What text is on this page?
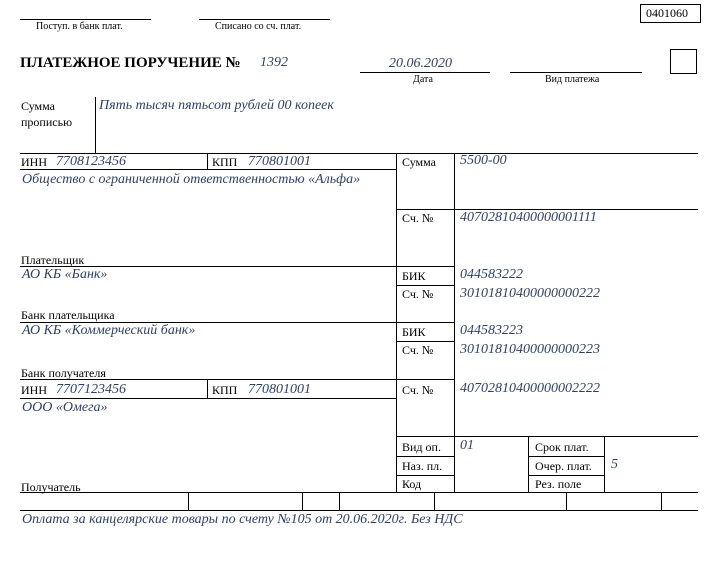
0401060
Поступ. в банк плат.	Списано со сч. плат.
ПЛАТЕЖНОЕ ПОРУЧЕНИЕ № 1392	20.06.2020
Дата	Вид платежа
Сумма
прописью
Пять тысяч пятьсот рублей 00 копеек
ИНН 7708123456	КПП 770801001
Общество с ограниченной ответственностью «Альфа»
Плательщик
Сумма 5500-00
Сч. № 40702810400000001111
АО КБ «Банк»
Банк плательщика
БИК 044583222
Сч. № 30101810400000000222
АО КБ «Коммерческий банк»
Банк получателя
БИК 044583223
Сч. № 30101810400000000223
ИНН 7707123456	КПП 770801001
ООО «Омега»
Сч. № 40702810400000002222
Получатель
Вид оп. 01
Наз. пл.
Код
Срок плат.
Очер. плат. 5
Рез. поле
Оплата за канцелярские товары по счету №105 от 20.06.2020г. Без НДС
